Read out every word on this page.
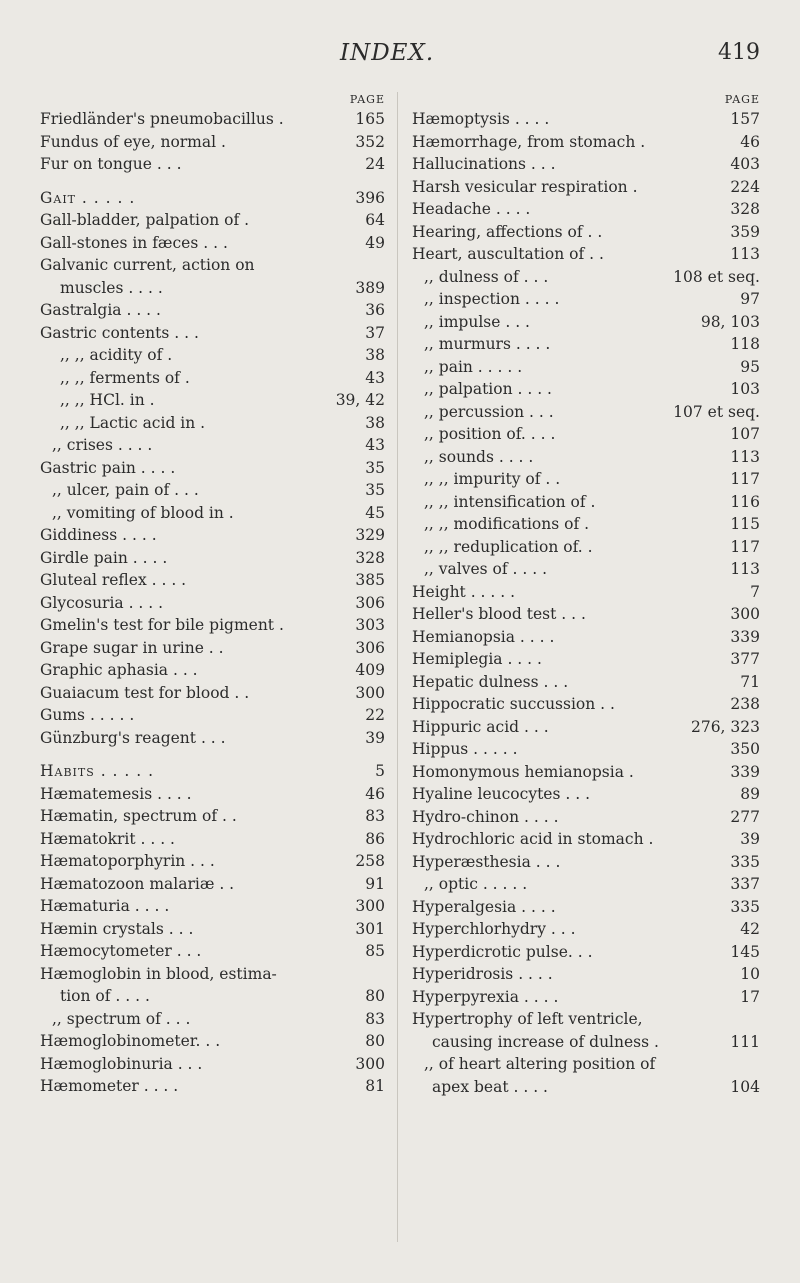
INDEX.	419
PAGE
Friedländer's pneumobacillus .	165
Fundus of eye, normal .	352
Fur on tongue . . .	24
Gait . . . . .	396
Gall-bladder, palpation of .	64
Gall-stones in fæces . . .	49
Galvanic current, action on
muscles . . . .	389
Gastralgia . . . .	36
Gastric contents . . .	37
,, ,, acidity of .	38
,, ,, ferments of .	43
,, ,, HCl. in .	39, 42
,, ,, Lactic acid in .	38
,, crises . . . .	43
Gastric pain . . . .	35
,, ulcer, pain of . . .	35
,, vomiting of blood in .	45
Giddiness . . . .	329
Girdle pain . . . .	328
Gluteal reflex . . . .	385
Glycosuria . . . .	306
Gmelin's test for bile pigment .	303
Grape sugar in urine . .	306
Graphic aphasia . . .	409
Guaiacum test for blood . .	300
Gums . . . . .	22
Günzburg's reagent . . .	39
Habits . . . . .	5
Hæmatemesis . . . .	46
Hæmatin, spectrum of . .	83
Hæmatokrit . . . .	86
Hæmatoporphyrin . . .	258
Hæmatozoon malariæ . .	91
Hæmaturia . . . .	300
Hæmin crystals . . .	301
Hæmocytometer . . .	85
Hæmoglobin in blood, estima-
tion of . . . .	80
,, spectrum of . . .	83
Hæmoglobinometer. . .	80
Hæmoglobinuria . . .	300
Hæmometer . . . .	81
PAGE
Hæmoptysis . . . .	157
Hæmorrhage, from stomach .	46
Hallucinations . . .	403
Harsh vesicular respiration .	224
Headache . . . .	328
Hearing, affections of . .	359
Heart, auscultation of . .	113
,, dulness of . . .	108 et seq.
,, inspection . . . .	97
,, impulse . . .	98, 103
,, murmurs . . . .	118
,, pain . . . . .	95
,, palpation . . . .	103
,, percussion . . .	107 et seq.
,, position of. . . .	107
,, sounds . . . .	113
,, ,, impurity of . .	117
,, ,, intensification of .	116
,, ,, modifications of .	115
,, ,, reduplication of. .	117
,, valves of . . . .	113
Height . . . . .	7
Heller's blood test . . .	300
Hemianopsia . . . .	339
Hemiplegia . . . .	377
Hepatic dulness . . .	71
Hippocratic succussion . .	238
Hippuric acid . . .	276, 323
Hippus . . . . .	350
Homonymous hemianopsia .	339
Hyaline leucocytes . . .	89
Hydro-chinon . . . .	277
Hydrochloric acid in stomach .	39
Hyperæsthesia . . .	335
,, optic . . . . .	337
Hyperalgesia . . . .	335
Hyperchlorhydry . . .	42
Hyperdicrotic pulse. . .	145
Hyperidrosis . . . .	10
Hyperpyrexia . . . .	17
Hypertrophy of left ventricle,
causing increase of dulness .	111
,, of heart altering position of
apex beat . . . .	104
